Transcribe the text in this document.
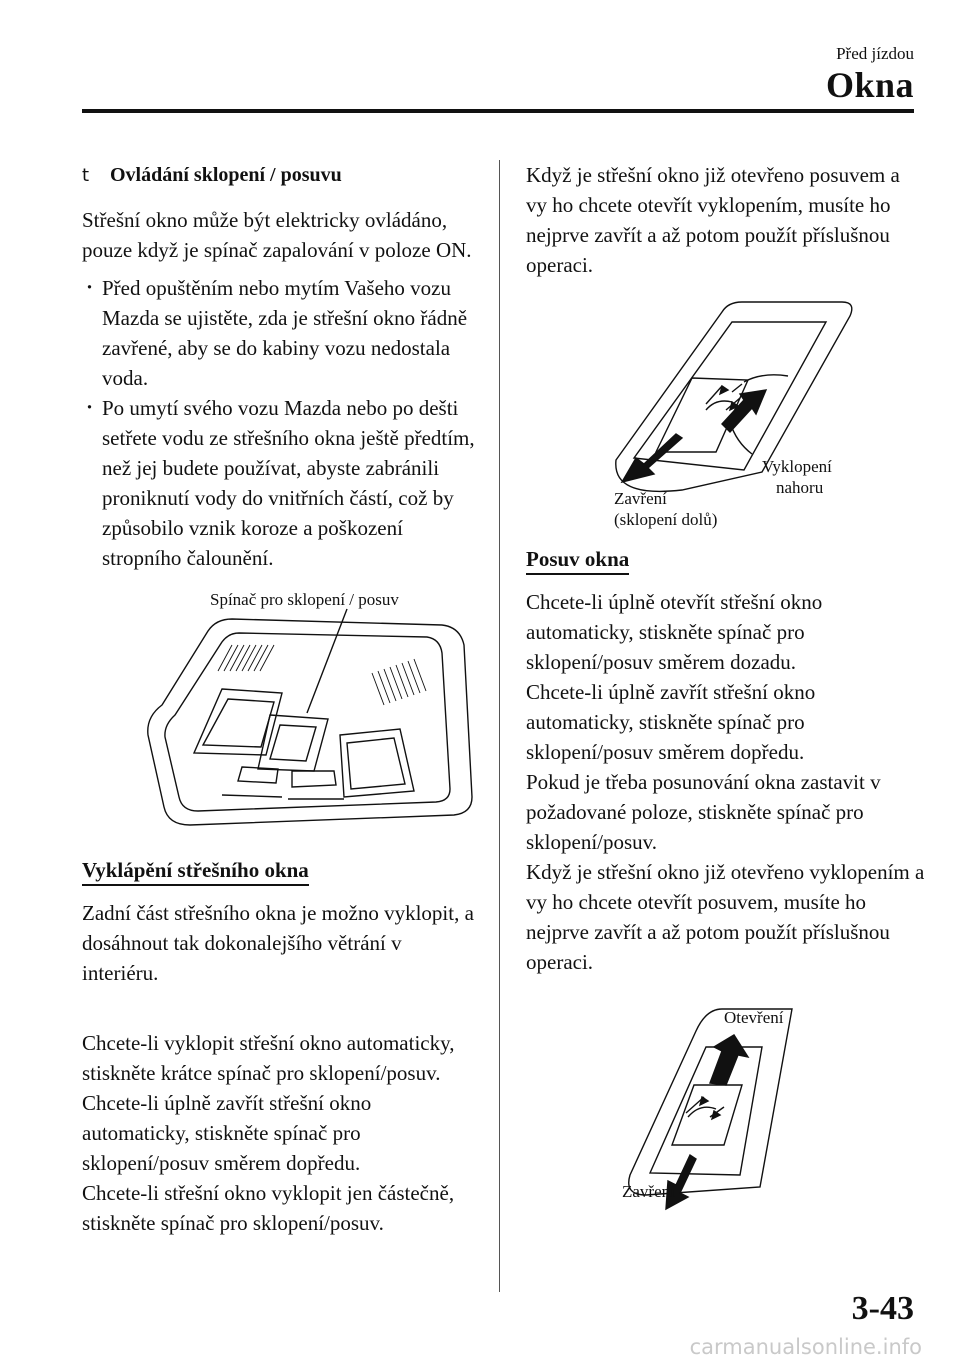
Před jízdou
Okna
t	Ovládání sklopení / posuvu

Střešní okno může být elektricky ovládáno, pouze když je spínač zapalování v poloze ON.

· Před opuštěním nebo mytím Vašeho vozu Mazda se ujistěte, zda je střešní okno řádně zavřené, aby se do kabiny vozu nedostala voda.
· Po umytí svého vozu Mazda nebo po dešti setřete vodu ze střešního okna ještě předtím, než jej budete používat, abyste zabránili proniknutí vody do vnitřních částí, což by způsobilo vznik koroze a poškození stropního čalounění.
Spínač pro sklopení / posuv
Vyklápění střešního okna

Zadní část střešního okna je možno vyklopit, a dosáhnout tak dokonalejšího větrání v interiéru.

Chcete-li vyklopit střešní okno automaticky, stiskněte krátce spínač pro sklopení/posuv.

Chcete-li úplně zavřít střešní okno automaticky, stiskněte spínač pro sklopení/posuv směrem dopředu.

Chcete-li střešní okno vyklopit jen částečně, stiskněte spínač pro sklopení/posuv.

Když je střešní okno již otevřeno posuvem a vy ho chcete otevřít vyklopením, musíte ho nejprve zavřít a až potom použít příslušnou operaci.

Zavření
(sklopení dolů)
Vyklopení
nahoru
Posuv okna

Chcete-li úplně otevřít střešní okno automaticky, stiskněte spínač pro sklopení/posuv směrem dozadu.

Chcete-li úplně zavřít střešní okno automaticky, stiskněte spínač pro sklopení/posuv směrem dopředu.

Pokud je třeba posunování okna zastavit v požadované poloze, stiskněte spínač pro sklopení/posuv.

Když je střešní okno již otevřeno vyklopením a vy ho chcete otevřít posuvem, musíte ho nejprve zavřít a až potom použít příslušnou operaci.

Otevření
Zavření
3-43
carmanualsonline.info
